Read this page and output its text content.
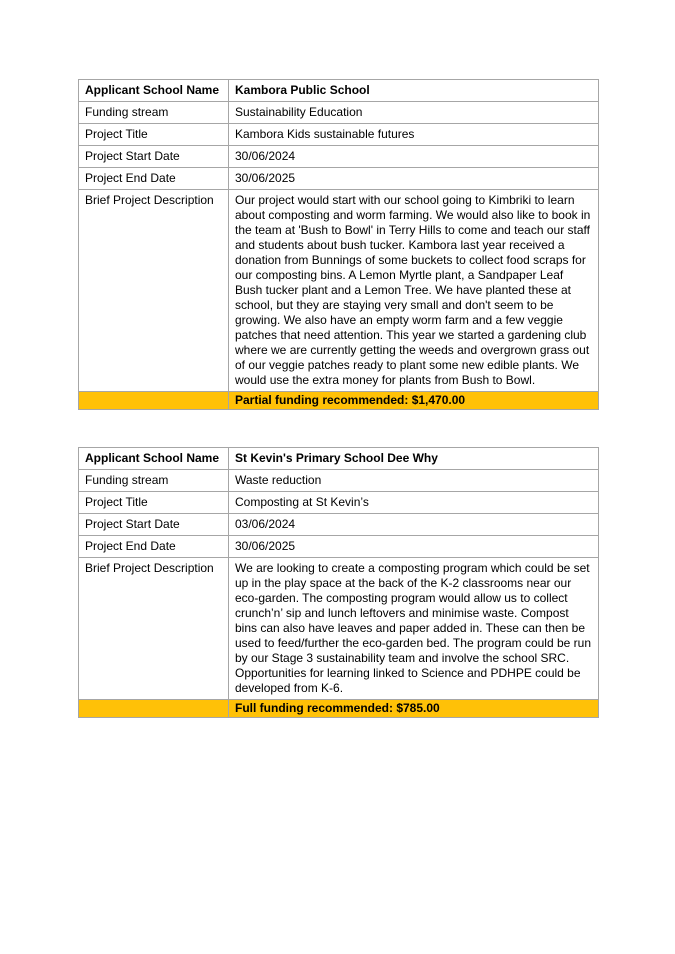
Applicant School Name	Kambora Public School
Funding stream	Sustainability Education
Project Title	Kambora Kids sustainable futures
Project Start Date	30/06/2024
Project End Date	30/06/2025
Brief Project Description	Our project would start with our school going to Kimbriki to learn about composting and worm farming. We would also like to book in the team at 'Bush to Bowl' in Terry Hills to come and teach our staff and students about bush tucker. Kambora last year received a donation from Bunnings of some buckets to collect food scraps for our composting bins. A Lemon Myrtle plant, a Sandpaper Leaf Bush tucker plant and a Lemon Tree. We have planted these at school, but they are staying very small and don't seem to be growing. We also have an empty worm farm and a few veggie patches that need attention. This year we started a gardening club where we are currently getting the weeds and overgrown grass out of our veggie patches ready to plant some new edible plants. We would use the extra money for plants from Bush to Bowl.
	Partial funding recommended: $1,470.00
Applicant School Name	St Kevin's Primary School Dee Why
Funding stream	Waste reduction
Project Title	Composting at St Kevin’s
Project Start Date	03/06/2024
Project End Date	30/06/2025
Brief Project Description	We are looking to create a composting program which could be set up in the play space at the back of the K-2 classrooms near our eco-garden. The composting program would allow us to collect crunch’n’ sip and lunch leftovers and minimise waste. Compost bins can also have leaves and paper added in. These can then be used to feed/further the eco-garden bed. The program could be run by our Stage 3 sustainability team and involve the school SRC. Opportunities for learning linked to Science and PDHPE could be developed from K-6.
	Full funding recommended: $785.00
